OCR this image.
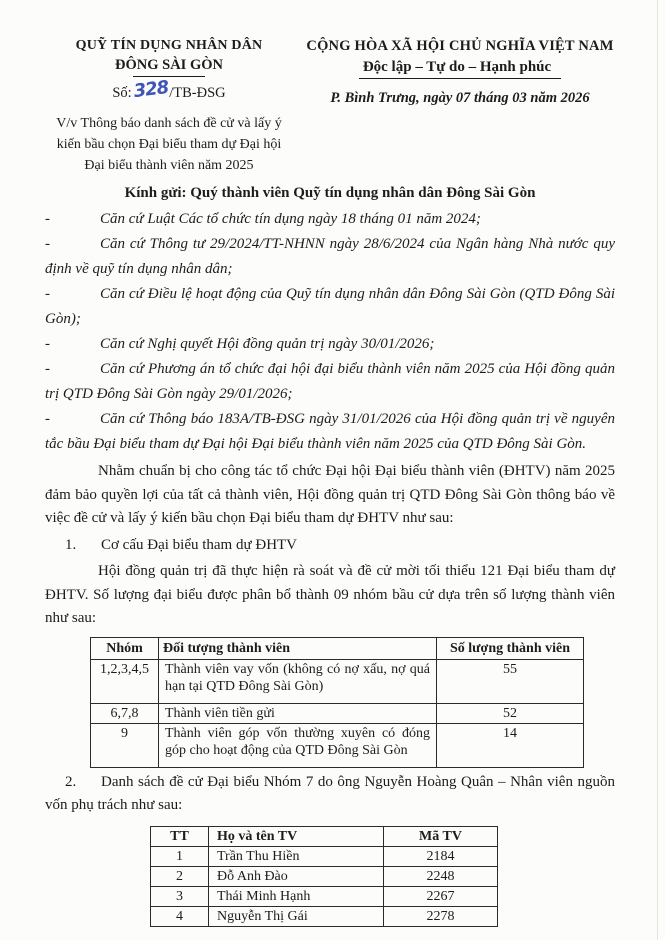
QUỸ TÍN DỤNG NHÂN DÂN
ĐÔNG SÀI GÒN
Số:328/TB-ĐSG
V/v Thông báo danh sách đề cử và lấy ý kiến bầu chọn Đại biểu tham dự Đại hội Đại biểu thành viên năm 2025
CỘNG HÒA XÃ HỘI CHỦ NGHĨA VIỆT NAM
Độc lập – Tự do – Hạnh phúc
P. Bình Trưng, ngày 07 tháng 03 năm 2026
Kính gửi: Quý thành viên Quỹ tín dụng nhân dân Đông Sài Gòn

-	Căn cứ Luật Các tổ chức tín dụng ngày 18 tháng 01 năm 2024;

-	Căn cứ Thông tư 29/2024/TT-NHNN ngày 28/6/2024 của Ngân hàng Nhà nước quy định về quỹ tín dụng nhân dân;

-	Căn cứ Điều lệ hoạt động của Quỹ tín dụng nhân dân Đông Sài Gòn (QTD Đông Sài Gòn);

-	Căn cứ Nghị quyết Hội đồng quản trị ngày 30/01/2026;

-	Căn cứ Phương án tổ chức đại hội đại biểu thành viên năm 2025 của Hội đồng quản trị QTD Đông Sài Gòn ngày 29/01/2026;

-	Căn cứ Thông báo 183A/TB-ĐSG ngày 31/01/2026 của Hội đồng quản trị về nguyên tắc bầu Đại biểu tham dự Đại hội Đại biểu thành viên năm 2025 của QTD Đông Sài Gòn.

Nhằm chuẩn bị cho công tác tổ chức Đại hội Đại biểu thành viên (ĐHTV) năm 2025 đảm bảo quyền lợi của tất cả thành viên, Hội đồng quản trị QTD Đông Sài Gòn thông báo về việc đề cử và lấy ý kiến bầu chọn Đại biểu tham dự ĐHTV như sau:

1. Cơ cấu Đại biểu tham dự ĐHTV

Hội đồng quản trị đã thực hiện rà soát và đề cử mời tối thiểu 121 Đại biểu tham dự ĐHTV. Số lượng đại biểu được phân bổ thành 09 nhóm bầu cử dựa trên số lượng thành viên như sau:

Nhóm	Đối tượng thành viên	Số lượng thành viên
1,2,3,4,5	Thành viên vay vốn (không có nợ xấu, nợ quá hạn tại QTD Đông Sài Gòn)	55
6,7,8	Thành viên tiền gửi	52
9	Thành viên góp vốn thường xuyên có đóng góp cho hoạt động của QTD Đông Sài Gòn	14

2. Danh sách đề cử Đại biểu Nhóm 7 do ông Nguyễn Hoàng Quân – Nhân viên nguồn vốn phụ trách như sau:

TT	Họ và tên TV	Mã TV
1	Trần Thu Hiền	2184
2	Đỗ Anh Đào	2248
3	Thái Minh Hạnh	2267
4	Nguyễn Thị Gái	2278
